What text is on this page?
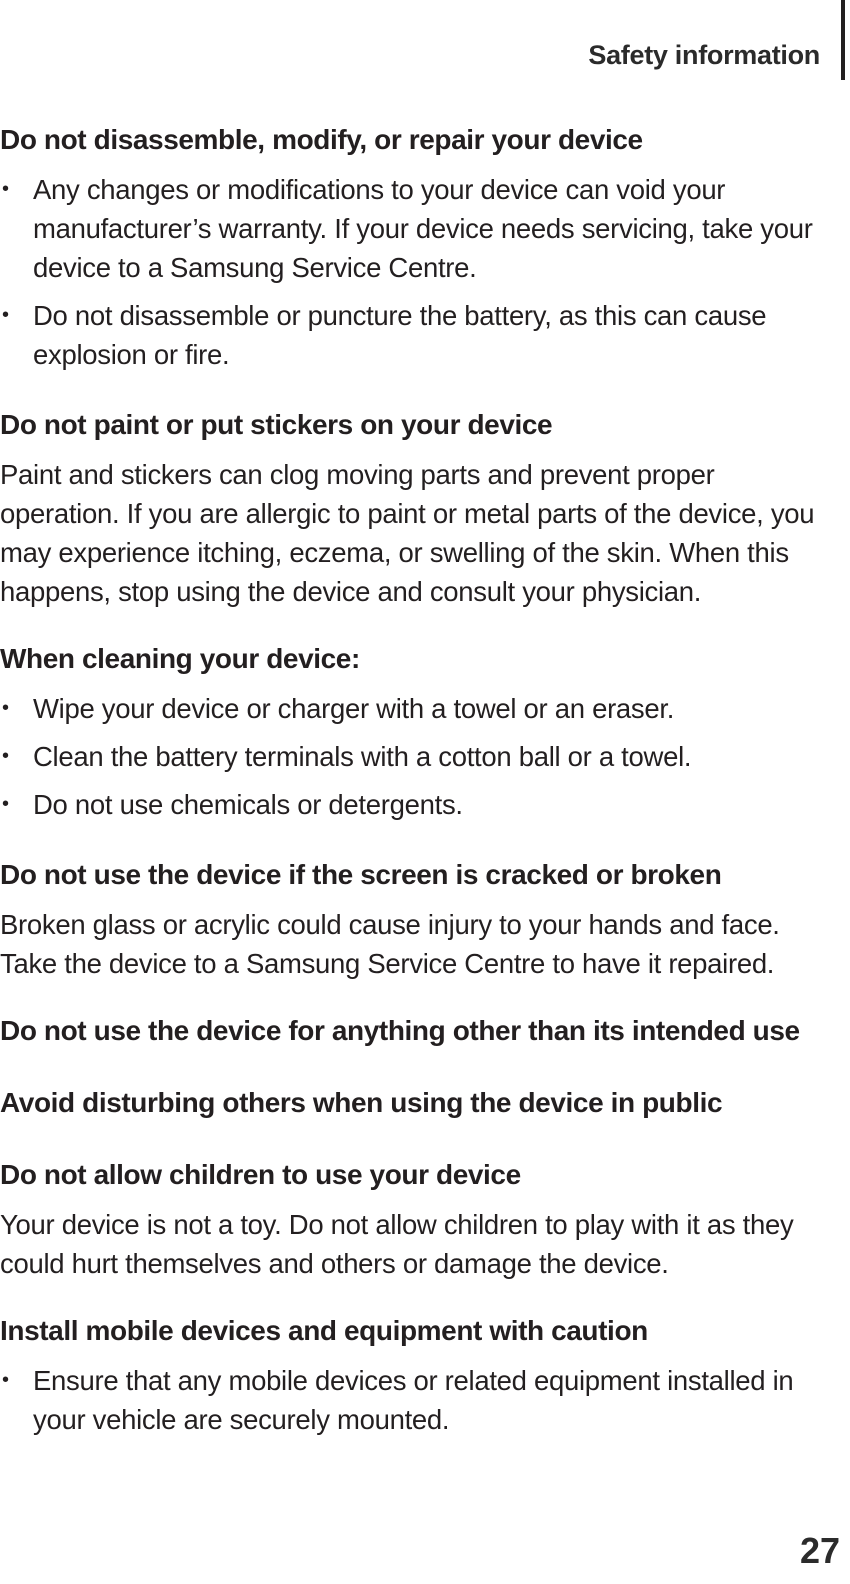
Safety information
Do not disassemble, modify, or repair your device
• Any changes or modifications to your device can void your manufacturer’s warranty. If your device needs servicing, take your device to a Samsung Service Centre.
• Do not disassemble or puncture the battery, as this can cause explosion or fire.
Do not paint or put stickers on your device

Paint and stickers can clog moving parts and prevent proper operation. If you are allergic to paint or metal parts of the device, you may experience itching, eczema, or swelling of the skin. When this happens, stop using the device and consult your physician.

When cleaning your device:
• Wipe your device or charger with a towel or an eraser.
• Clean the battery terminals with a cotton ball or a towel.
• Do not use chemicals or detergents.
Do not use the device if the screen is cracked or broken

Broken glass or acrylic could cause injury to your hands and face. Take the device to a Samsung Service Centre to have it repaired.

Do not use the device for anything other than its intended use
Avoid disturbing others when using the device in public
Do not allow children to use your device

Your device is not a toy. Do not allow children to play with it as they could hurt themselves and others or damage the device.

Install mobile devices and equipment with caution
• Ensure that any mobile devices or related equipment installed in your vehicle are securely mounted.
27
